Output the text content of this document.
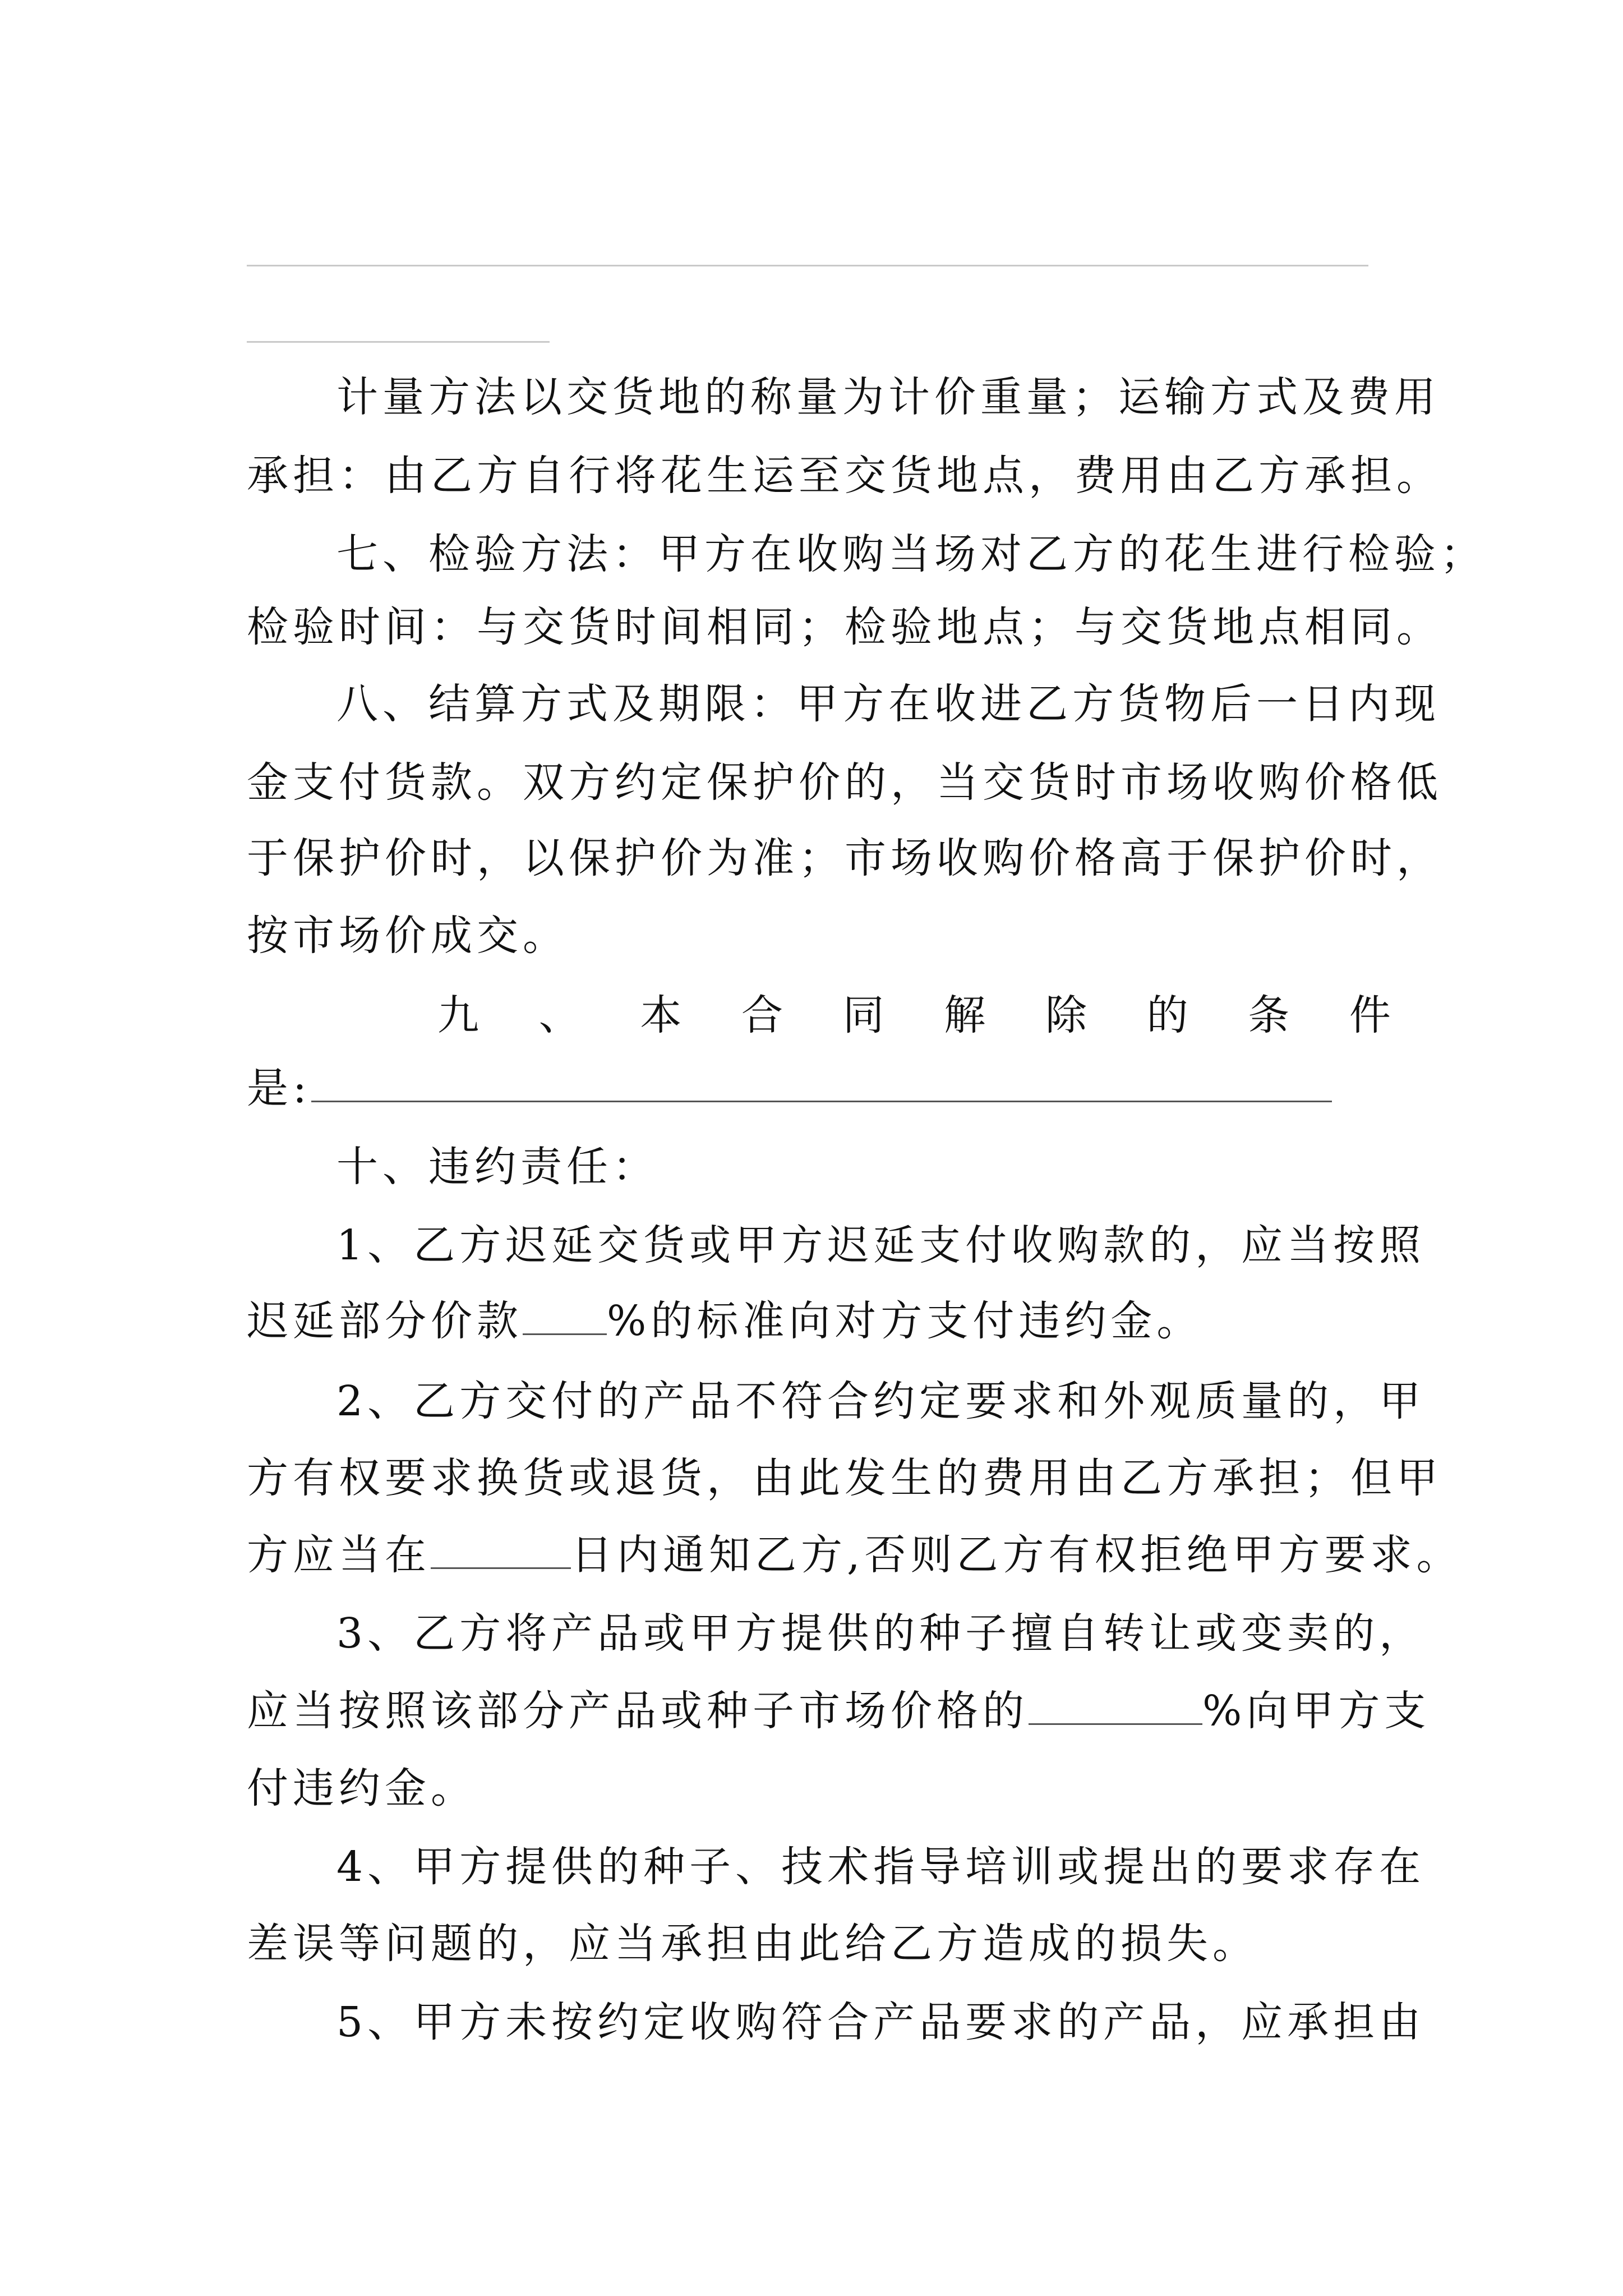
计量方法以交货地的称量为计价重量；运输方式及费用
承担：由乙方自行将花生运至交货地点，费用由乙方承担。
七、检验方法：甲方在收购当场对乙方的花生进行检验；
检验时间：与交货时间相同；检验地点；与交货地点相同。
八、结算方式及期限：甲方在收进乙方货物后一日内现
金支付货款。双方约定保护价的，当交货时市场收购价格低
于保护价时，以保护价为准；市场收购价格高于保护价时，
按市场价成交。
九 、 本 合 同 解 除 的 条 件
是:
十、违约责任：
1、乙方迟延交货或甲方迟延支付收购款的，应当按照
迟延部分价款 %的标准向对方支付违约金。
2、乙方交付的产品不符合约定要求和外观质量的，甲
方有权要求换货或退货，由此发生的费用由乙方承担；但甲
方应当在	日内通知乙方,否则乙方有权拒绝甲方要求。
3、乙方将产品或甲方提供的种子擅自转让或变卖的，
应当按照该部分产品或种子市场价格的	%向甲方支
付违约金。
4、甲方提供的种子、技术指导培训或提出的要求存在
差误等问题的，应当承担由此给乙方造成的损失。
5、甲方未按约定收购符合产品要求的产品，应承担由
